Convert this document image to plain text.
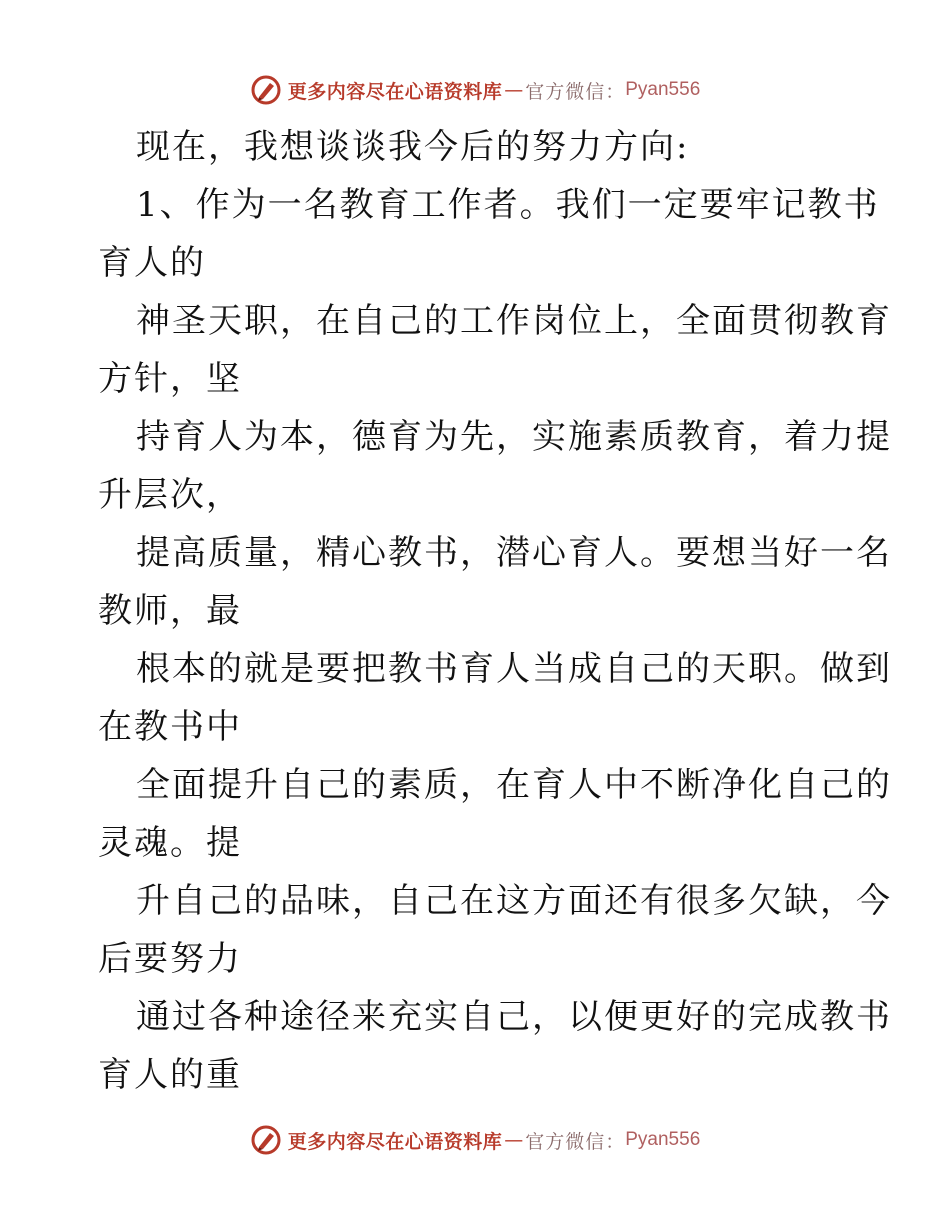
更多内容尽在心语资料库 — 官方微信： Pyan556
现在，我想谈谈我今后的努力方向:
1、作为一名教育工作者。我们一定要牢记教书
育人的
神圣天职，在自己的工作岗位上，全面贯彻教育
方针，坚
持育人为本，德育为先，实施素质教育，着力提
升层次，
提高质量，精心教书，潜心育人。要想当好一名
教师，最
根本的就是要把教书育人当成自己的天职。做到
在教书中
全面提升自己的素质，在育人中不断净化自己的
灵魂。提
升自己的品味，自己在这方面还有很多欠缺，今
后要努力
通过各种途径来充实自己，以便更好的完成教书
育人的重
更多内容尽在心语资料库 — 官方微信： Pyan556
